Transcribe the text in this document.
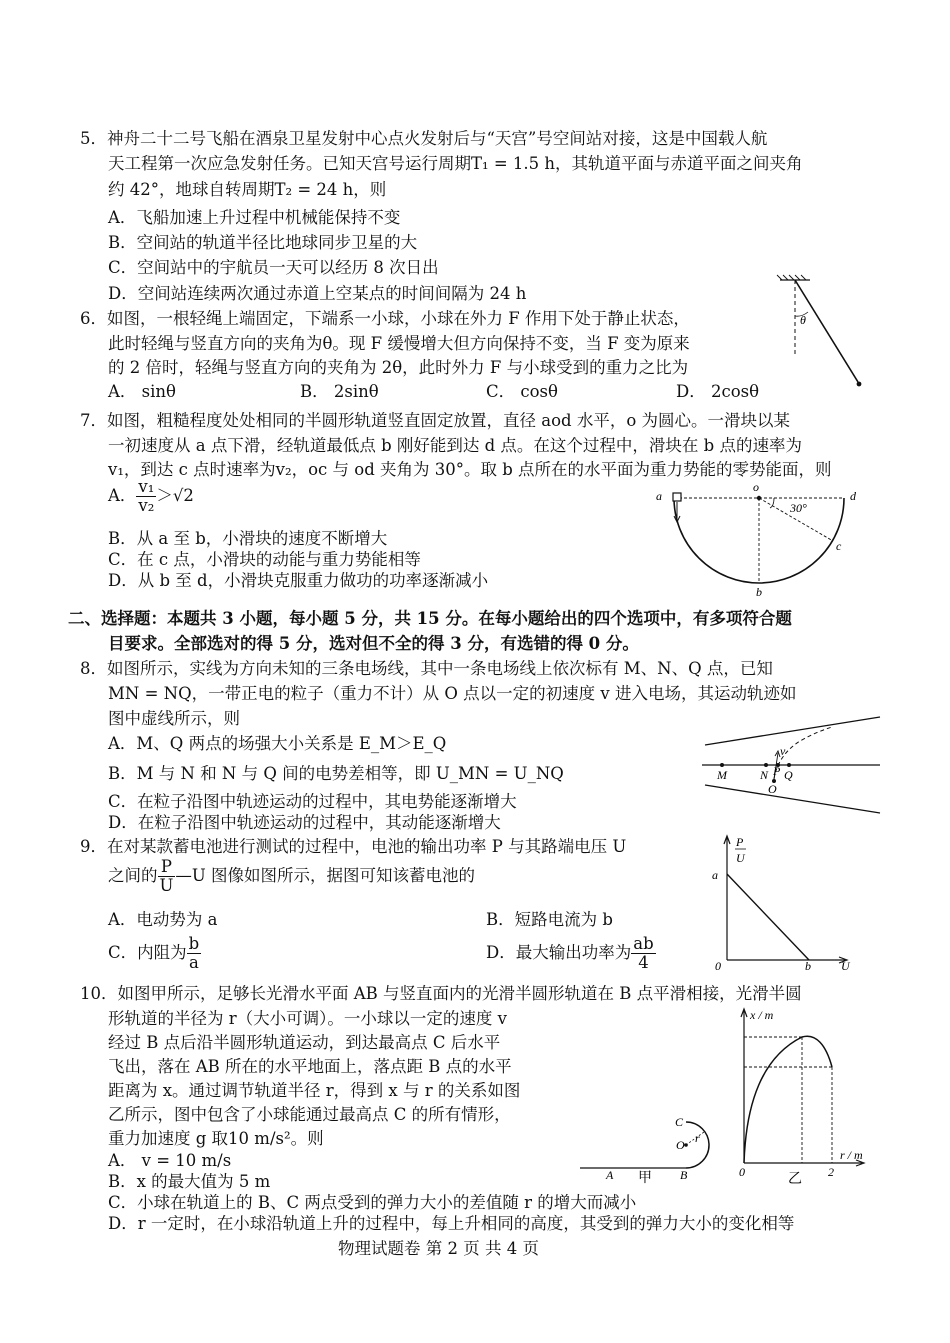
5．神舟二十二号飞船在酒泉卫星发射中心点火发射后与“天宫”号空间站对接，这是中国载人航
天工程第一次应急发射任务。已知天宫号运行周期T₁ = 1.5 h，其轨道平面与赤道平面之间夹角
约 42°，地球自转周期T₂ = 24 h，则
A．飞船加速上升过程中机械能保持不变
B．空间站的轨道半径比地球同步卫星的大
C．空间站中的宇航员一天可以经历 8 次日出
D．空间站连续两次通过赤道上空某点的时间间隔为 24 h
6．如图，一根轻绳上端固定，下端系一小球，小球在外力 F 作用下处于静止状态，
此时轻绳与竖直方向的夹角为θ。现 F 缓慢增大但方向保持不变，当 F 变为原来
的 2 倍时，轻绳与竖直方向的夹角为 2θ，此时外力 F 与小球受到的重力之比为
A． sinθ	B． 2sinθ	C． cosθ	D． 2cosθ
θ
7．如图，粗糙程度处处相同的半圆形轨道竖直固定放置，直径 aod 水平，o 为圆心。一滑块以某
一初速度从 a 点下滑，经轨道最低点 b 刚好能到达 d 点。在这个过程中，滑块在 b 点的速率为
v₁，到达 c 点时速率为v₂，oc 与 od 夹角为 30°。取 b 点所在的水平面为重力势能的零势能面，则
A． $\frac{\text{v₁}}{\text{v₂}} >√2$
B．从 a 至 b，小滑块的速度不断增大
C．在 c 点，小滑块的动能与重力势能相等
D．从 b 至 d，小滑块克服重力做功的功率逐渐减小
a
o
d
c
b
30°
二、选择题：本题共 3 小题，每小题 5 分，共 15 分。在每小题给出的四个选项中，有多项符合题
目要求。全部选对的得 5 分，选对但不全的得 3 分，有选错的得 0 分。
8．如图所示，实线为方向未知的三条电场线，其中一条电场线上依次标有 M、N、Q 点，已知
MN = NQ，一带正电的粒子（重力不计）从 O 点以一定的初速度 v 进入电场，其运动轨迹如
图中虚线所示，则
A．M、Q 两点的场强大小关系是 E_M＞E_Q
B．M 与 N 和 N 与 Q 间的电势差相等，即 U_MN = U_NQ
C．在粒子沿图中轨迹运动的过程中，其电势能逐渐增大
D．在粒子沿图中轨迹运动的过程中，其动能逐渐增大
M	N P Q
O
v
9．在对某款蓄电池进行测试的过程中，电池的输出功率 P 与其路端电压 U
之间的 $\frac{P}{U}$ —U 图像如图所示，据图可知该蓄电池的
A．电动势为 a	B．短路电流为 b
C．内阻为 $\frac{b}{a}$	D．最大输出功率为 $\frac{ab}{4}$
P
U
a
0	b	U
10．如图甲所示，足够长光滑水平面 AB 与竖直面内的光滑半圆形轨道在 B 点平滑相接，光滑半圆
形轨道的半径为 r（大小可调）。一小球以一定的速度 v
经过 B 点后沿半圆形轨道运动，到达最高点 C 后水平
飞出，落在 AB 所在的水平地面上，落点距 B 点的水平
距离为 x。通过调节轨道半径 r，得到 x 与 r 的关系如图
乙所示，图中包含了小球能通过最高点 C 的所有情形，
重力加速度 g 取10 m/s²。则
A． v = 10 m/s
B．x 的最大值为 5 m
C．小球在轨道上的 B、C 两点受到的弹力大小的差值随 r 的增大而减小
D．r 一定时，在小球沿轨道上升的过程中，每上升相同的高度，其受到的弹力大小的变化相等
A	B
C
O r
甲
x / m
r / m
0	2
乙
物理试题卷 第 2 页 共 4 页
